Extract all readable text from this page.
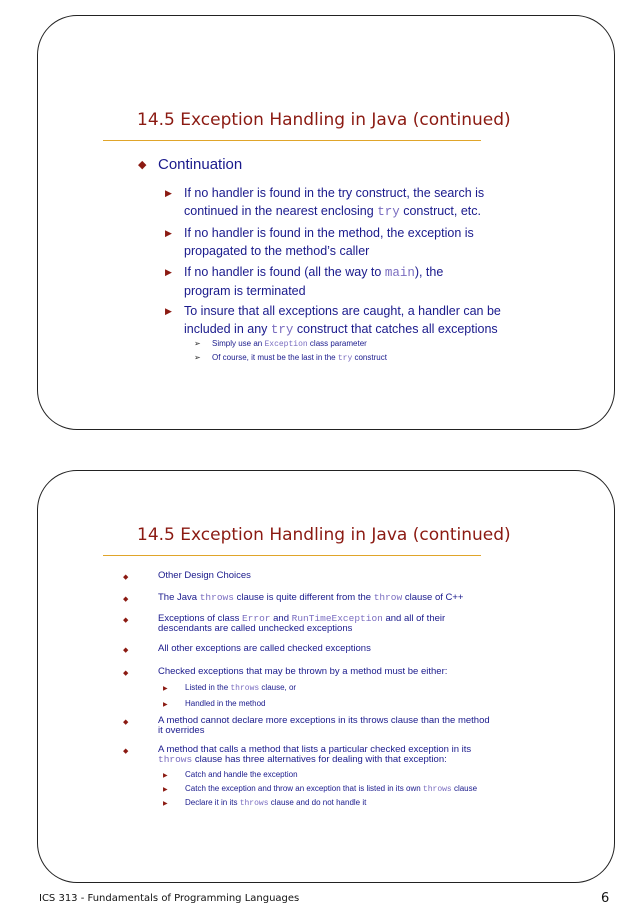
14.5 Exception Handling in Java (continued)
◆ Continuation
▶ If no handler is found in the try construct, the search is
continued in the nearest enclosing try construct, etc.
▶ If no handler is found in the method, the exception is
propagated to the method’s caller
▶ If no handler is found (all the way to main), the
program is terminated
▶ To insure that all exceptions are caught, a handler can be
included in any try construct that catches all exceptions
➢ Simply use an Exception class parameter
➢ Of course, it must be the last in the try construct
14.5 Exception Handling in Java (continued)
◆	Other Design Choices
◆	The Java throws clause is quite different from the throw clause of C++
◆	Exceptions of class Error and RunTimeException and all of their
descendants are called unchecked exceptions
◆	All other exceptions are called checked exceptions
◆	Checked exceptions that may be thrown by a method must be either:
▶ Listed in the throws clause, or
▶ Handled in the method
◆	A method cannot declare more exceptions in its throws clause than the method
it overrides
◆	A method that calls a method that lists a particular checked exception in its
throws clause has three alternatives for dealing with that exception:
▶ Catch and handle the exception
▶ Catch the exception and throw an exception that is listed in its own throws clause
▶ Declare it in its throws clause and do not handle it
ICS 313 - Fundamentals of Programming Languages	6
